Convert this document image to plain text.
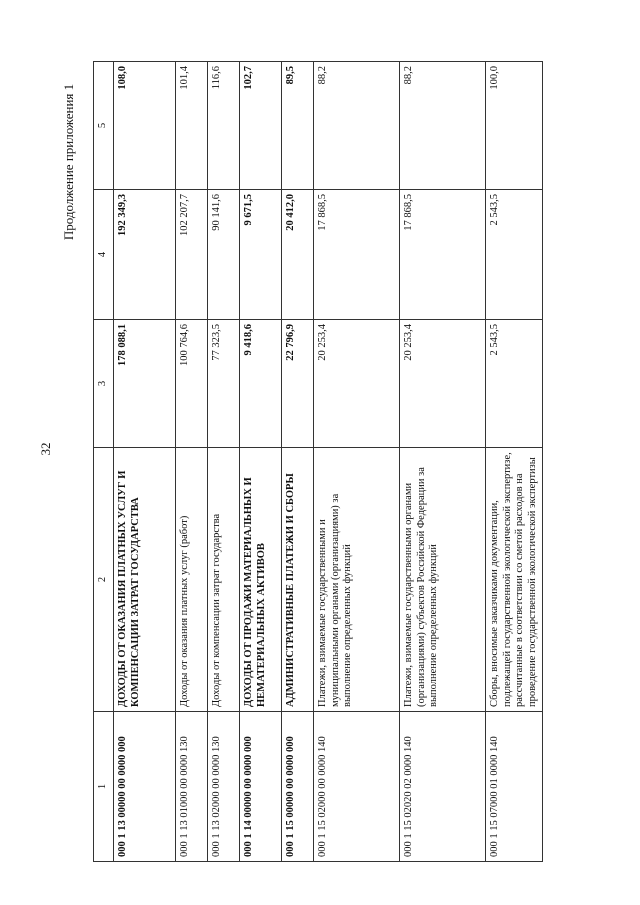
32
Продолжение приложения 1
1	2	3	4	5
000 1 13 00000 00 0000 000	ДОХОДЫ ОТ ОКАЗАНИЯ ПЛАТНЫХ УСЛУГ И КОМПЕНСАЦИИ ЗАТРАТ ГОСУДАРСТВА	178 088,1	192 349,3	108,0
000 1 13 01000 00 0000 130	Доходы от оказания платных услуг (работ)	100 764,6	102 207,7	101,4
000 1 13 02000 00 0000 130	Доходы от компенсации затрат государства	77 323,5	90 141,6	116,6
000 1 14 00000 00 0000 000	ДОХОДЫ ОТ ПРОДАЖИ МАТЕРИАЛЬНЫХ И НЕМАТЕРИАЛЬНЫХ АКТИВОВ	9 418,6	9 671,5	102,7
000 1 15 00000 00 0000 000	АДМИНИСТРАТИВНЫЕ ПЛАТЕЖИ И СБОРЫ	22 796,9	20 412,0	89,5
000 1 15 02000 00 0000 140	Платежи, взимаемые государственными и муниципальными органами (организациями) за выполнение определенных функций	20 253,4	17 868,5	88,2
000 1 15 02020 02 0000 140	Платежи, взимаемые государственными органами (организациями) субъектов Российской Федерации за выполнение определенных функций	20 253,4	17 868,5	88,2
000 1 15 07000 01 0000 140	Сборы, вносимые заказчиками документации, подлежащей государственной экологической экспертизе, рассчитанные в соответствии со сметой расходов на проведение государственной экологической экспертизы	2 543,5	2 543,5	100,0
